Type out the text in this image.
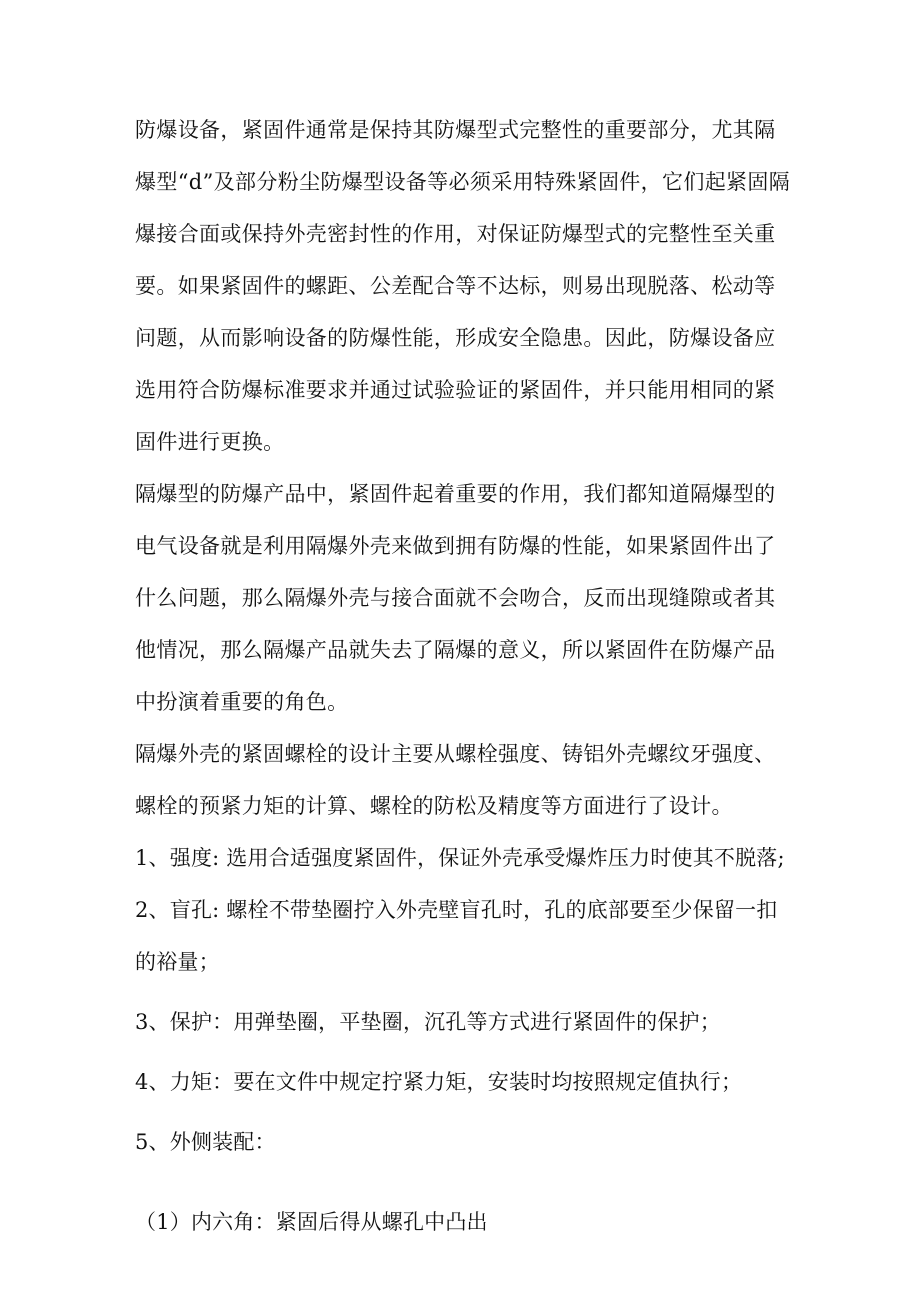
防爆设备，紧固件通常是保持其防爆型式完整性的重要部分，尤其隔
爆型“d”及部分粉尘防爆型设备等必须采用特殊紧固件，它们起紧固隔
爆接合面或保持外壳密封性的作用，对保证防爆型式的完整性至关重
要。如果紧固件的螺距、公差配合等不达标，则易出现脱落、松动等
问题，从而影响设备的防爆性能，形成安全隐患。因此，防爆设备应
选用符合防爆标准要求并通过试验验证的紧固件，并只能用相同的紧
固件进行更换。
隔爆型的防爆产品中，紧固件起着重要的作用，我们都知道隔爆型的
电气设备就是利用隔爆外壳来做到拥有防爆的性能，如果紧固件出了
什么问题，那么隔爆外壳与接合面就不会吻合，反而出现缝隙或者其
他情况，那么隔爆产品就失去了隔爆的意义，所以紧固件在防爆产品
中扮演着重要的角色。
隔爆外壳的紧固螺栓的设计主要从螺栓强度、铸铝外壳螺纹牙强度、
螺栓的预紧力矩的计算、螺栓的防松及精度等方面进行了设计。
1、强度: 选用合适强度紧固件，保证外壳承受爆炸压力时使其不脱落;
2、盲孔: 螺栓不带垫圈拧入外壳壁盲孔时，孔的底部要至少保留一扣
的裕量；
3、保护：用弹垫圈，平垫圈，沉孔等方式进行紧固件的保护；
4、力矩：要在文件中规定拧紧力矩，安装时均按照规定值执行；
5、外侧装配：
（1）内六角：紧固后得从螺孔中凸出
